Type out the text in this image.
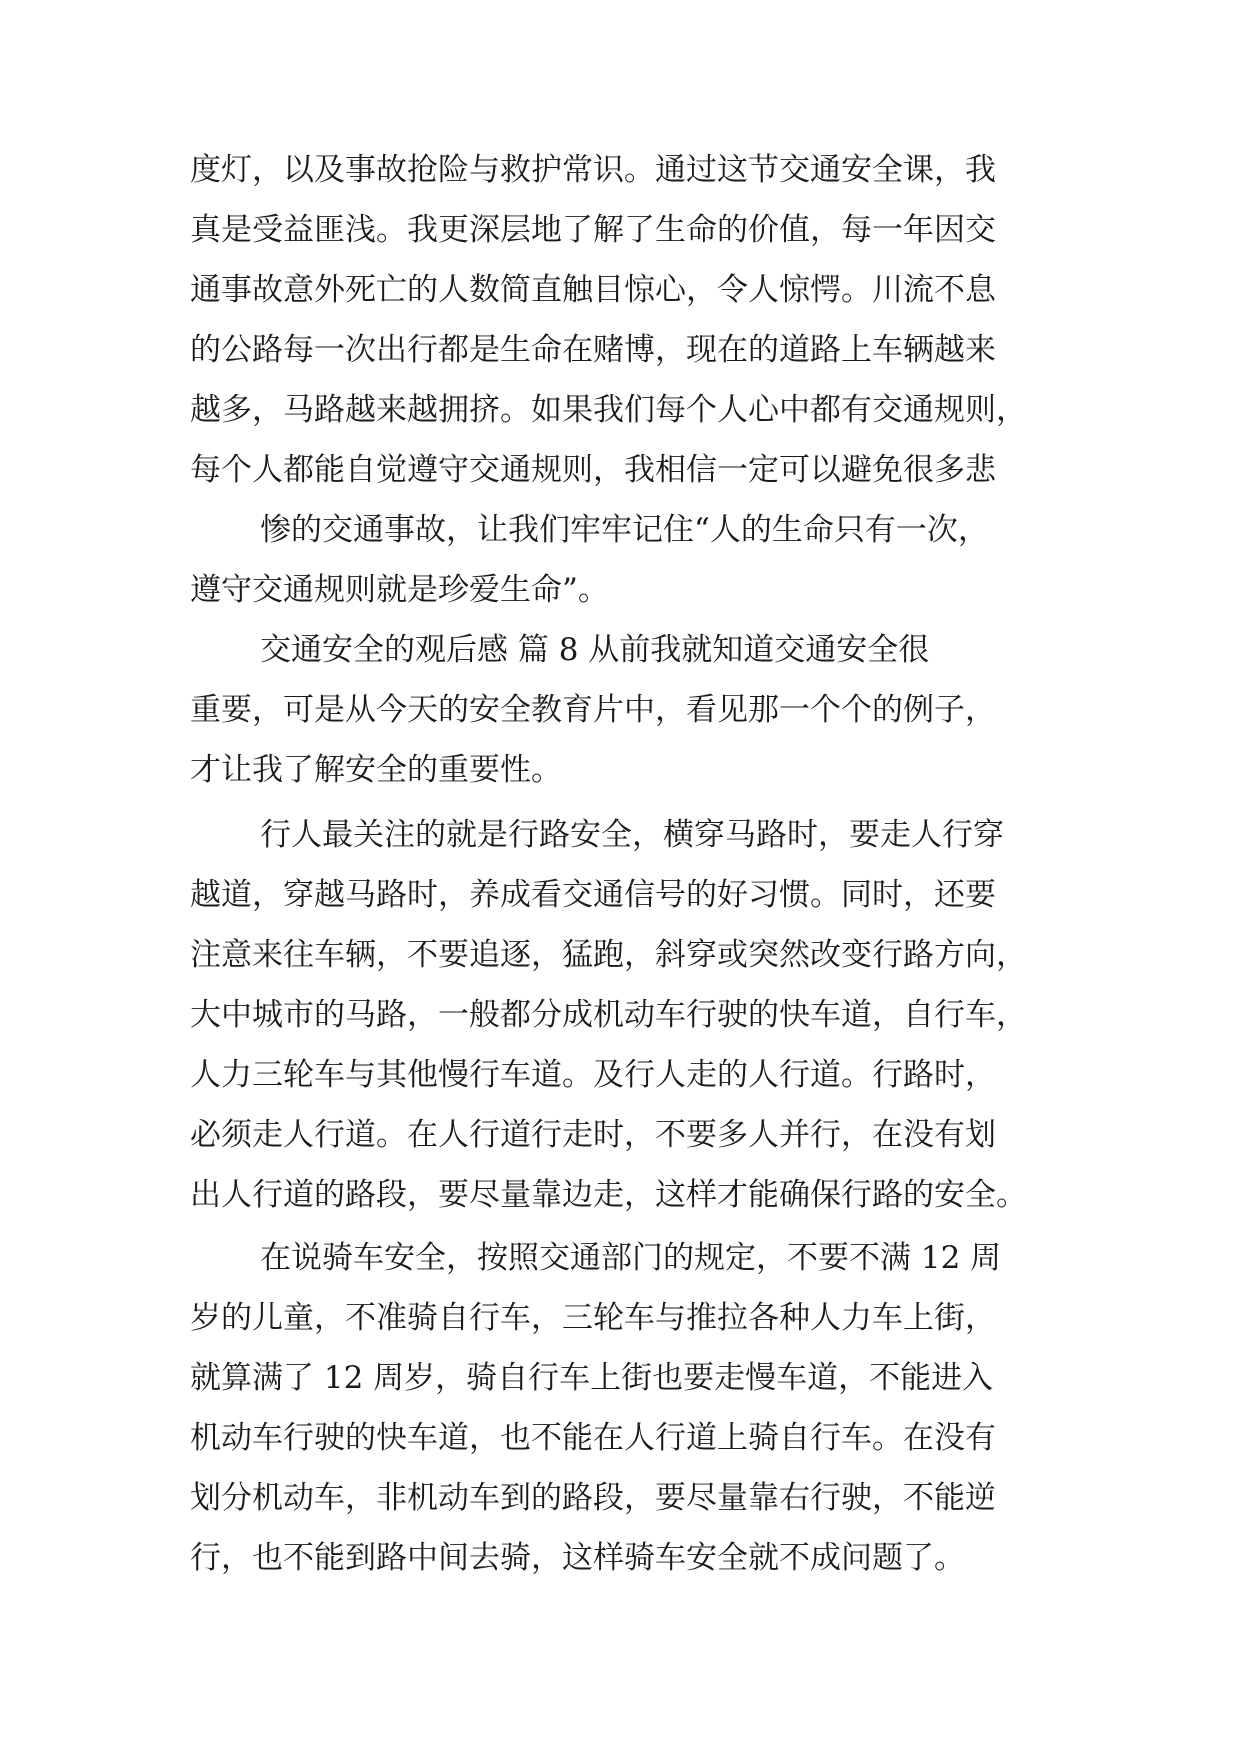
度灯，以及事故抢险与救护常识。通过这节交通安全课，我
真是受益匪浅。我更深层地了解了生命的价值，每一年因交
通事故意外死亡的人数简直触目惊心，令人惊愕。川流不息
的公路每一次出行都是生命在赌博，现在的道路上车辆越来
越多，马路越来越拥挤。如果我们每个人心中都有交通规则，
每个人都能自觉遵守交通规则，我相信一定可以避免很多悲
惨的交通事故，让我们牢牢记住“人的生命只有一次，
遵守交通规则就是珍爱生命”。
交通安全的观后感 篇 8 从前我就知道交通安全很
重要，可是从今天的安全教育片中，看见那一个个的例子，
才让我了解安全的重要性。
行人最关注的就是行路安全，横穿马路时，要走人行穿
越道，穿越马路时，养成看交通信号的好习惯。同时，还要
注意来往车辆，不要追逐，猛跑，斜穿或突然改变行路方向，
大中城市的马路，一般都分成机动车行驶的快车道，自行车，
人力三轮车与其他慢行车道。及行人走的人行道。行路时，
必须走人行道。在人行道行走时，不要多人并行，在没有划
出人行道的路段，要尽量靠边走，这样才能确保行路的安全。
在说骑车安全，按照交通部门的规定，不要不满 12 周
岁的儿童，不准骑自行车，三轮车与推拉各种人力车上街，
就算满了 12 周岁，骑自行车上街也要走慢车道，不能进入
机动车行驶的快车道，也不能在人行道上骑自行车。在没有
划分机动车，非机动车到的路段，要尽量靠右行驶，不能逆
行，也不能到路中间去骑，这样骑车安全就不成问题了。
